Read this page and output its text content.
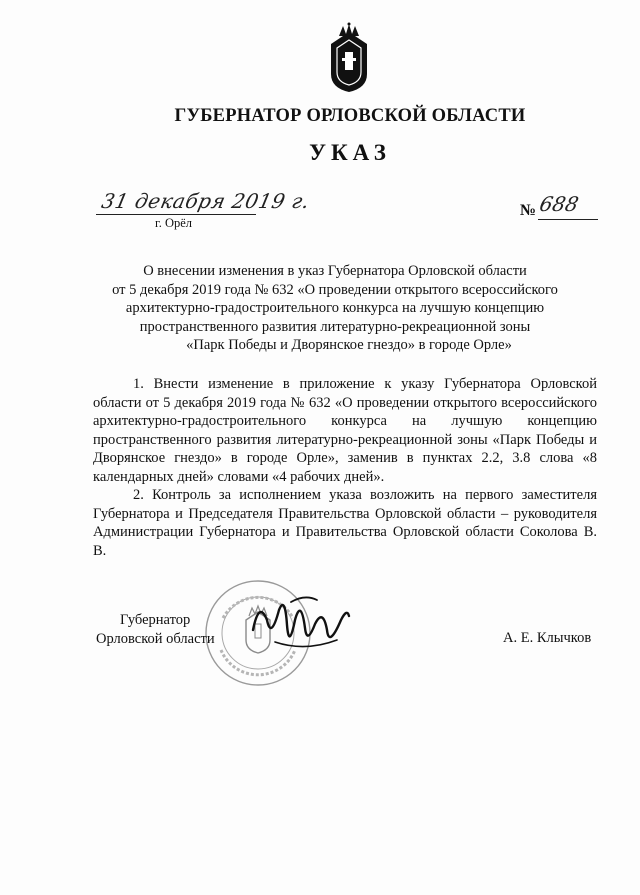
ГУБЕРНАТОР ОРЛОВСКОЙ ОБЛАСТИ
УКАЗ
31 декабря 2019 г.
г. Орёл
№ 688
О внесении изменения в указ Губернатора Орловской области
от 5 декабря 2019 года № 632 «О проведении открытого всероссийского
архитектурно-градостроительного конкурса на лучшую концепцию
пространственного развития литературно-рекреационной зоны
«Парк Победы и Дворянское гнездо» в городе Орле»

1. Внести изменение в приложение к указу Губернатора Орловской области от 5 декабря 2019 года № 632 «О проведении открытого всероссийского архитектурно-градостроительного конкурса на лучшую концепцию пространственного развития литературно-рекреационной зоны «Парк Победы и Дворянское гнездо» в городе Орле», заменив в пунктах 2.2, 3.8 слова «8 календарных дней» словами «4 рабочих дней».

2. Контроль за исполнением указа возложить на первого заместителя Губернатора и Председателя Правительства Орловской области – руководителя Администрации Губернатора и Правительства Орловской области Соколова В. В.

Губернатор
Орловской области	А. Е. Клычков
